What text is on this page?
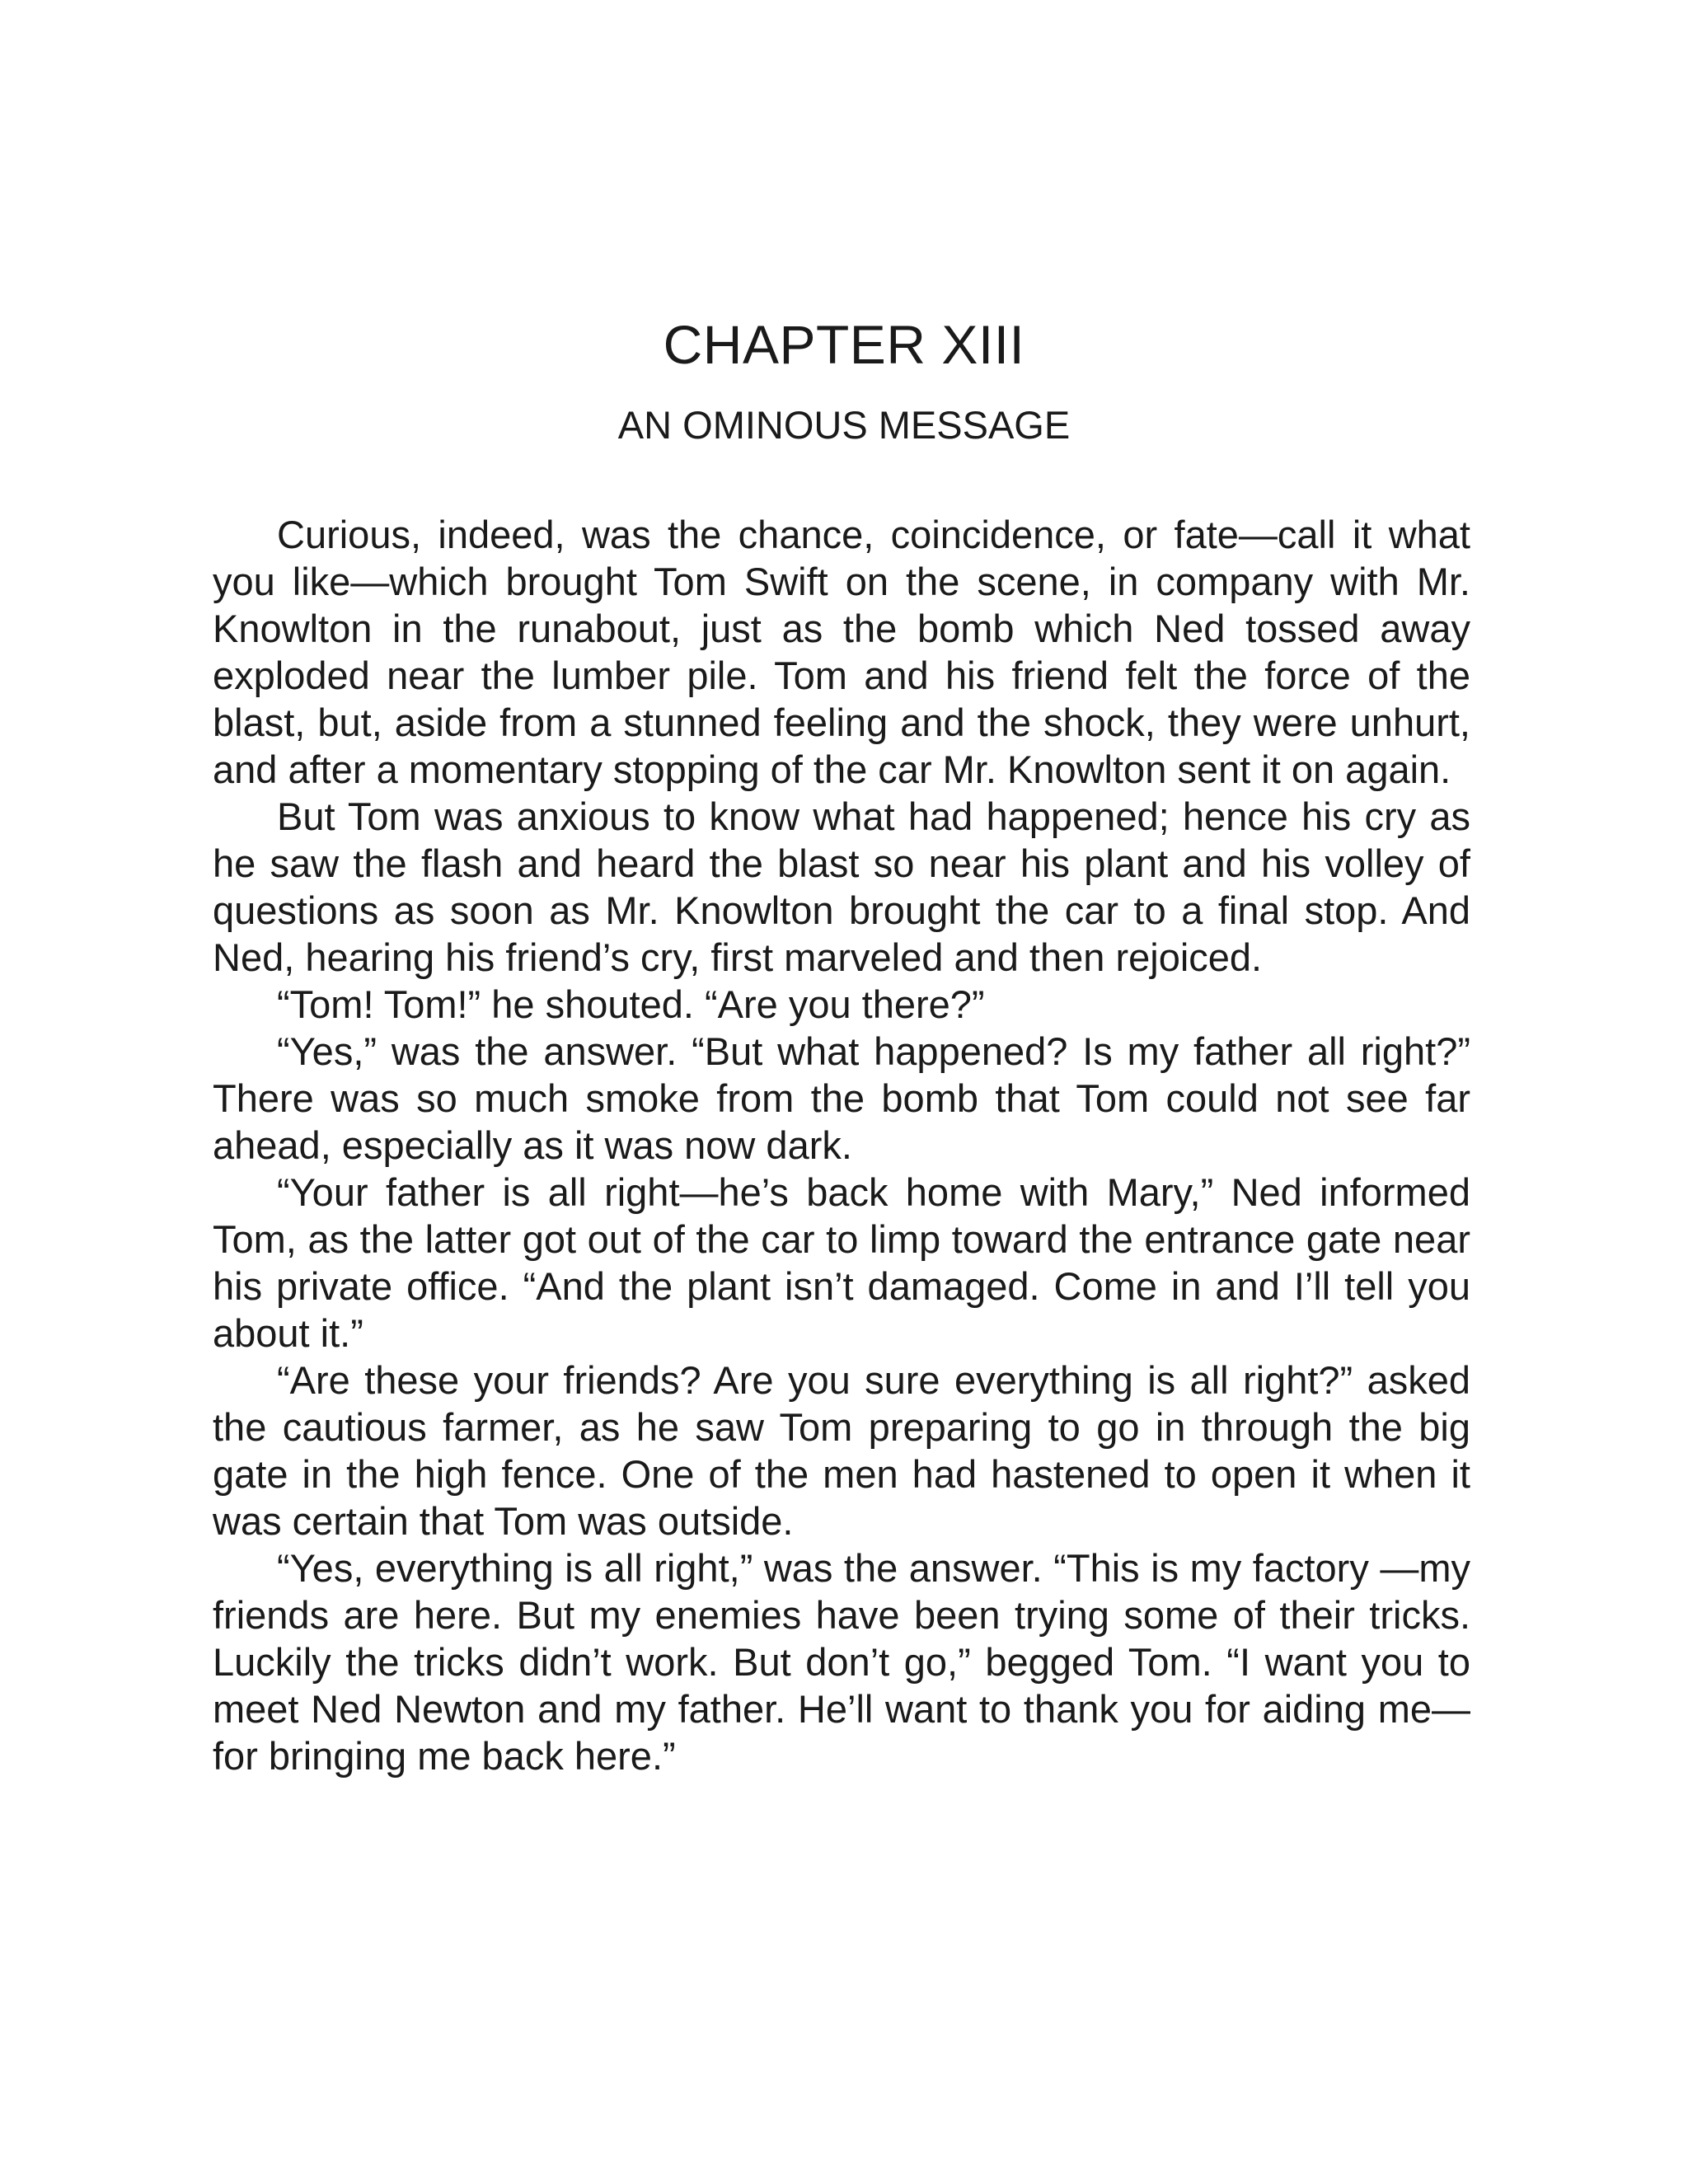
CHAPTER XIII
AN OMINOUS MESSAGE

Curious, indeed, was the chance, coincidence, or fate—call it what you like—which brought Tom Swift on the scene, in company with Mr. Knowlton in the runabout, just as the bomb which Ned tossed away exploded near the lumber pile. Tom and his friend felt the force of the blast, but, aside from a stunned feeling and the shock, they were unhurt, and after a momentary stopping of the car Mr. Knowlton sent it on again.

But Tom was anxious to know what had happened; hence his cry as he saw the flash and heard the blast so near his plant and his volley of questions as soon as Mr. Knowlton brought the car to a final stop. And Ned, hearing his friend’s cry, first marveled and then rejoiced.

“Tom! Tom!” he shouted. “Are you there?”

“Yes,” was the answer. “But what happened? Is my father all right?” There was so much smoke from the bomb that Tom could not see far ahead, especially as it was now dark.

“Your father is all right—he’s back home with Mary,” Ned informed Tom, as the latter got out of the car to limp toward the entrance gate near his private office. “And the plant isn’t damaged. Come in and I’ll tell you about it.”

“Are these your friends? Are you sure everything is all right?” asked the cautious farmer, as he saw Tom preparing to go in through the big gate in the high fence. One of the men had hastened to open it when it was certain that Tom was outside.

“Yes, everything is all right,” was the answer. “This is my factory —my friends are here. But my enemies have been trying some of their tricks. Luckily the tricks didn’t work. But don’t go,” begged Tom. “I want you to meet Ned Newton and my father. He’ll want to thank you for aiding me—for bringing me back here.”
